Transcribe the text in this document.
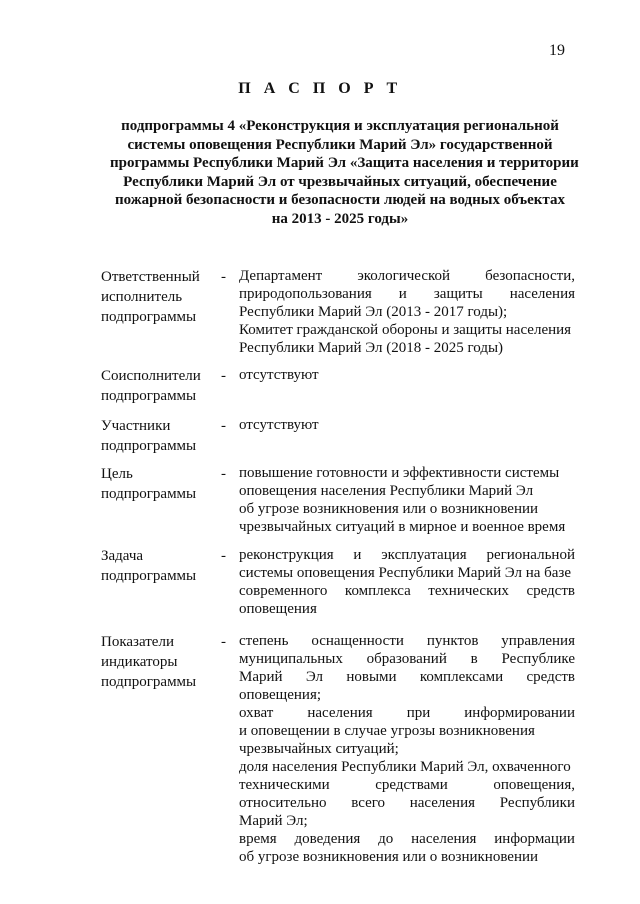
19
П А С П О Р Т
подпрограммы 4 «Реконструкция и эксплуатация региональной
системы оповещения Республики Марий Эл» государственной
программы Республики Марий Эл «Защита населения и территории
Республики Марий Эл от чрезвычайных ситуаций, обеспечение
пожарной безопасности и безопасности людей на водных объектах
на 2013 - 2025 годы»
Ответственный
исполнитель
подпрограммы
- Департамент экологической безопасности,
природопользования и защиты населения
Республики Марий Эл (2013 - 2017 годы);
Комитет гражданской обороны и защиты населения
Республики Марий Эл (2018 - 2025 годы)
Соисполнители
подпрограммы
- отсутствуют
Участники
подпрограммы
- отсутствуют
Цель
подпрограммы
- повышение готовности и эффективности системы
оповещения населения Республики Марий Эл
об угрозе возникновения или о возникновении
чрезвычайных ситуаций в мирное и военное время
Задача
подпрограммы
- реконструкция и эксплуатация региональной
системы оповещения Республики Марий Эл на базе
современного комплекса технических средств
оповещения
Показатели
индикаторы
подпрограммы
- степень оснащенности пунктов управления
муниципальных образований в Республике
Марий Эл новыми комплексами средств
оповещения;
охват населения при информировании
и оповещении в случае угрозы возникновения
чрезвычайных ситуаций;
доля населения Республики Марий Эл, охваченного
техническими	средствами	оповещения,
относительно всего населения Республики
Марий Эл;
время доведения до населения информации
об угрозе возникновения или о возникновении
